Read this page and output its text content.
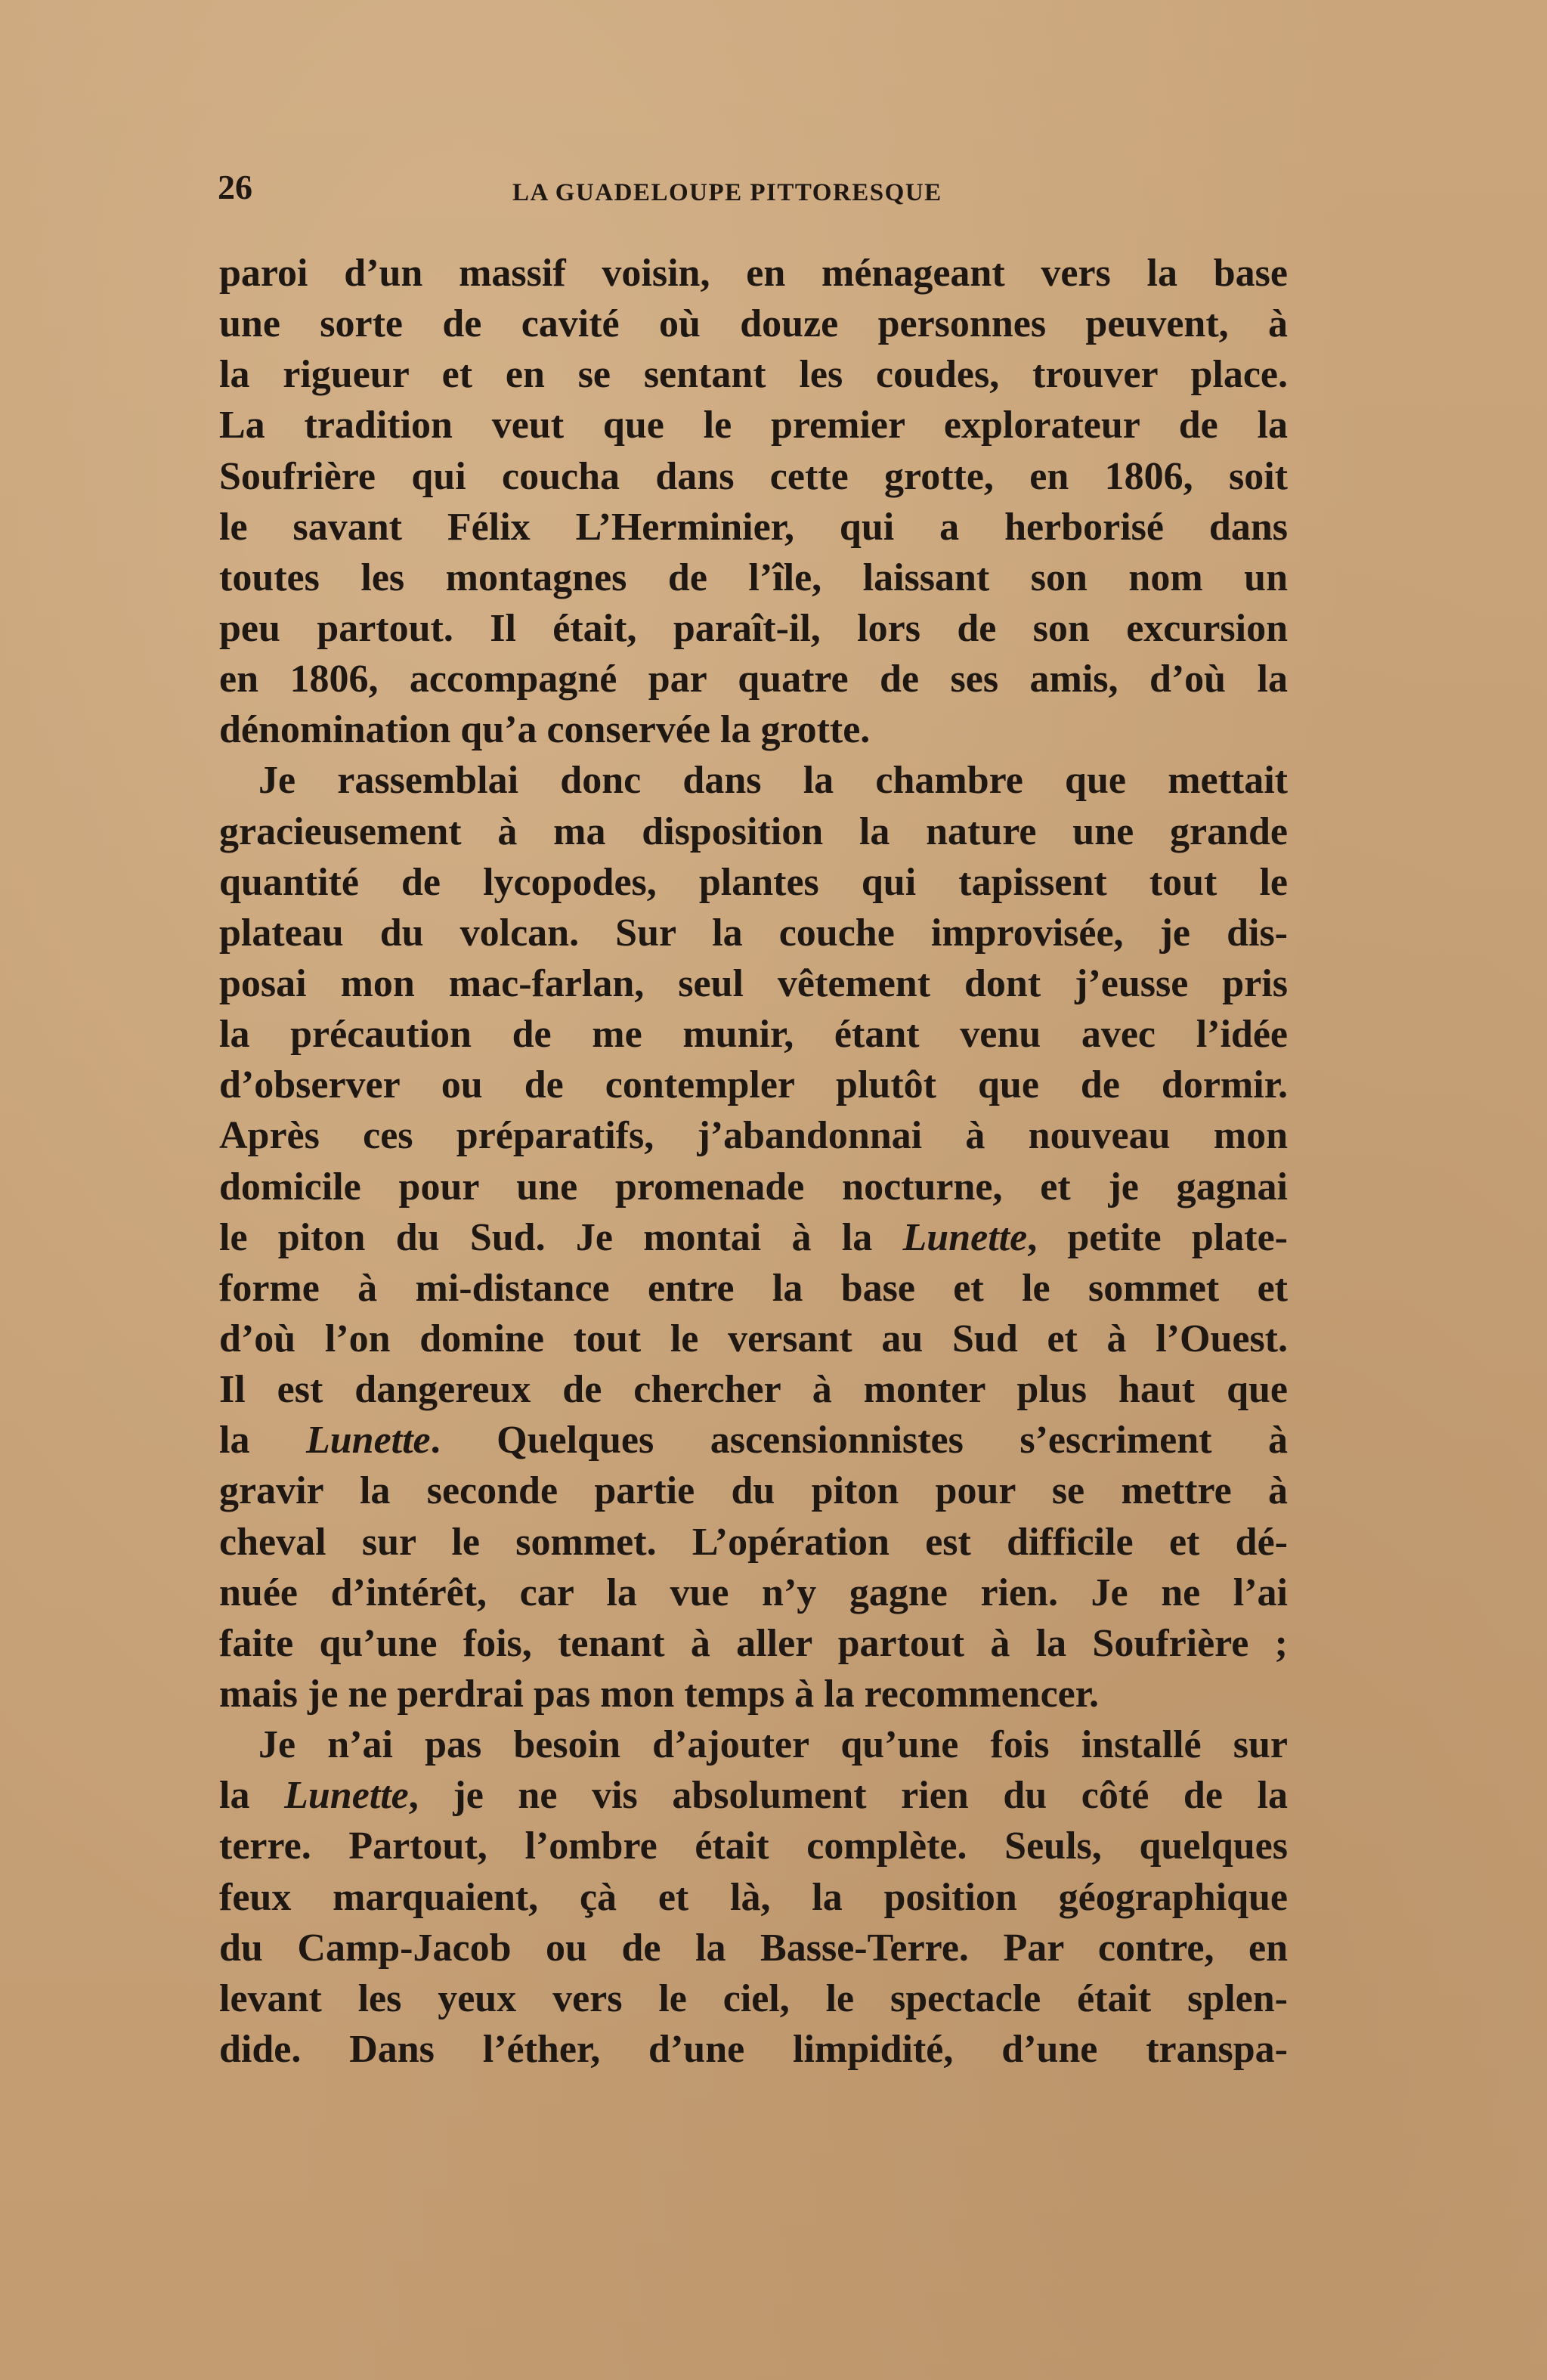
26	LA GUADELOUPE PITTORESQUE
paroi d’un massif voisin, en ménageant vers la base
une sorte de cavité où douze personnes peuvent, à
la rigueur et en se sentant les coudes, trouver place.
La tradition veut que le premier explorateur de la
Soufrière qui coucha dans cette grotte, en 1806, soit
le savant Félix L’Herminier, qui a herborisé dans
toutes les montagnes de l’île, laissant son nom un
peu partout. Il était, paraît-il, lors de son excursion
en 1806, accompagné par quatre de ses amis, d’où la
dénomination qu’a conservée la grotte.
Je rassemblai donc dans la chambre que mettait
gracieusement à ma disposition la nature une grande
quantité de lycopodes, plantes qui tapissent tout le
plateau du volcan. Sur la couche improvisée, je dis-
posai mon mac-farlan, seul vêtement dont j’eusse pris
la précaution de me munir, étant venu avec l’idée
d’observer ou de contempler plutôt que de dormir.
Après ces préparatifs, j’abandonnai à nouveau mon
domicile pour une promenade nocturne, et je gagnai
le piton du Sud. Je montai à la Lunette, petite plate-
forme à mi-distance entre la base et le sommet et
d’où l’on domine tout le versant au Sud et à l’Ouest.
Il est dangereux de chercher à monter plus haut que
la Lunette. Quelques ascensionnistes s’escriment à
gravir la seconde partie du piton pour se mettre à
cheval sur le sommet. L’opération est difficile et dé-
nuée d’intérêt, car la vue n’y gagne rien. Je ne l’ai
faite qu’une fois, tenant à aller partout à la Soufrière ;
mais je ne perdrai pas mon temps à la recommencer.
Je n’ai pas besoin d’ajouter qu’une fois installé sur
la Lunette, je ne vis absolument rien du côté de la
terre. Partout, l’ombre était complète. Seuls, quelques
feux marquaient, çà et là, la position géographique
du Camp-Jacob ou de la Basse-Terre. Par contre, en
levant les yeux vers le ciel, le spectacle était splen-
dide. Dans l’éther, d’une limpidité, d’une transpa-
